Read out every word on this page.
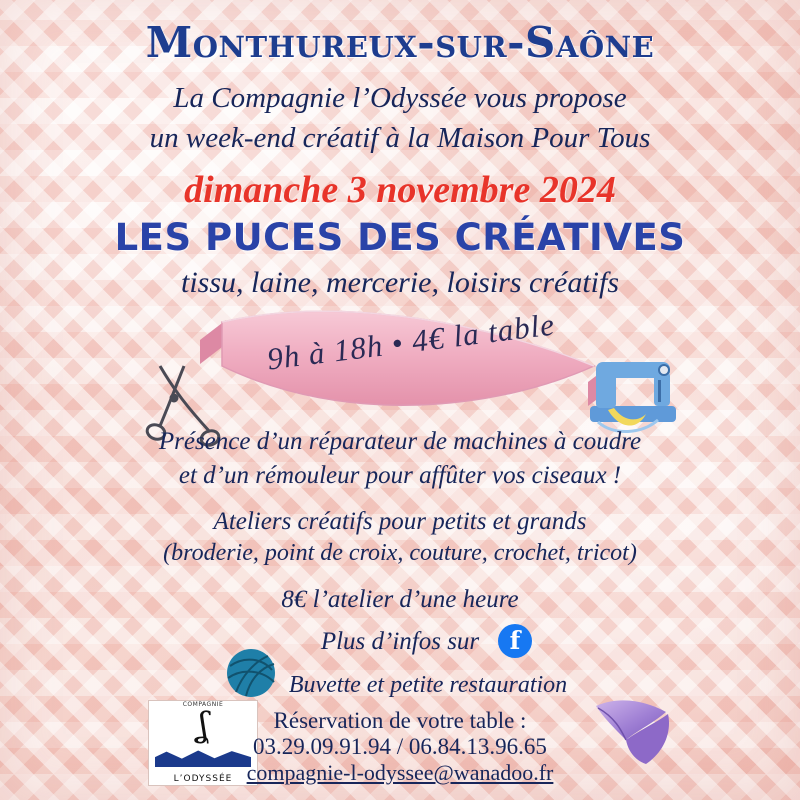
Monthureux-sur-Saône
La Compagnie l’Odyssée vous propose
un week-end créatif à la Maison Pour Tous
dimanche 3 novembre 2024
LES PUCES DES CRÉATIVES
tissu, laine, mercerie, loisirs créatifs
9h à 18h • 4€ la table
Présence d’un réparateur de machines à coudre
et d’un rémouleur pour affûter vos ciseaux !
Ateliers créatifs pour petits et grands
(broderie, point de croix, couture, crochet, tricot)
8€ l’atelier d’une heure
Plus d’infos sur	f
Buvette et petite restauration
COMPAGNIE
ʆ
L’ODYSSÉE
Réservation de votre table :
03.29.09.91.94 / 06.84.13.96.65
compagnie-l-odyssee@wanadoo.fr
